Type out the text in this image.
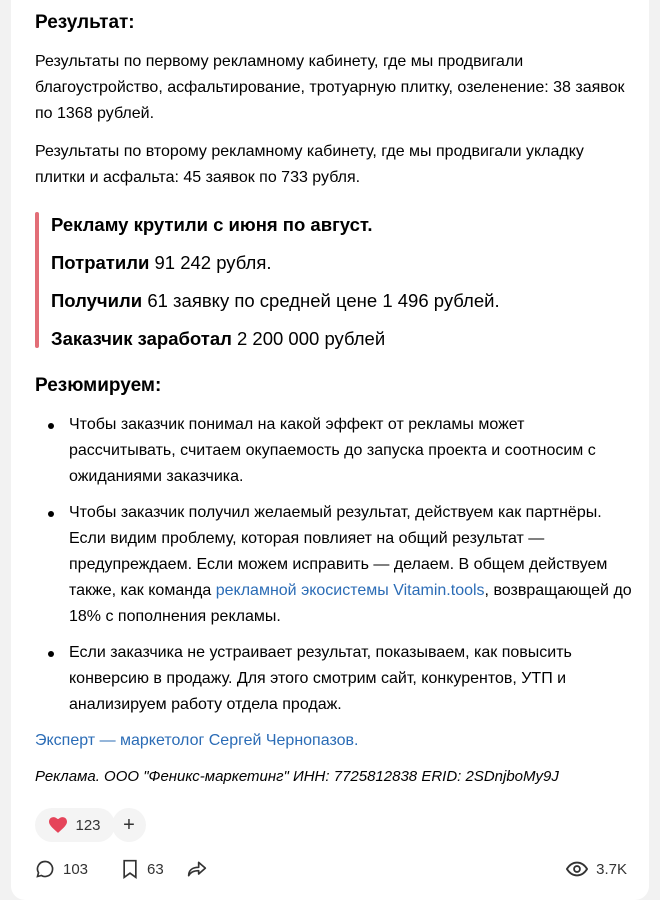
Результат:

Результаты по первому рекламному кабинету, где мы продвигали благоустройство, асфальтирование, тротуарную плитку, озеленение: 38 заявок по 1368 рублей.

Результаты по второму рекламному кабинету, где мы продвигали укладку плитки и асфальта: 45 заявок по 733 рубля.

Рекламу крутили с июня по август.

Потратили 91 242 рубля.

Получили 61 заявку по средней цене 1 496 рублей.

Заказчик заработал 2 200 000 рублей

Резюмируем:
Чтобы заказчик понимал на какой эффект от рекламы может рассчитывать, считаем окупаемость до запуска проекта и соотносим с ожиданиями заказчика.
Чтобы заказчик получил желаемый результат, действуем как партнёры. Если видим проблему, которая повлияет на общий результат — предупреждаем. Если можем исправить — делаем. В общем действуем также, как команда рекламной экосистемы Vitamin.tools, возвращающей до 18% с пополнения рекламы.
Если заказчика не устраивает результат, показываем, как повысить конверсию в продажу. Для этого смотрим сайт, конкурентов, УТП и анализируем работу отдела продаж.
Эксперт — маркетолог Сергей Чернопазов.
Реклама. ООО "Феникс-маркетинг" ИНН: 7725812838 ERID: 2SDnjboMy9J
123 +
103	63	3.7K
